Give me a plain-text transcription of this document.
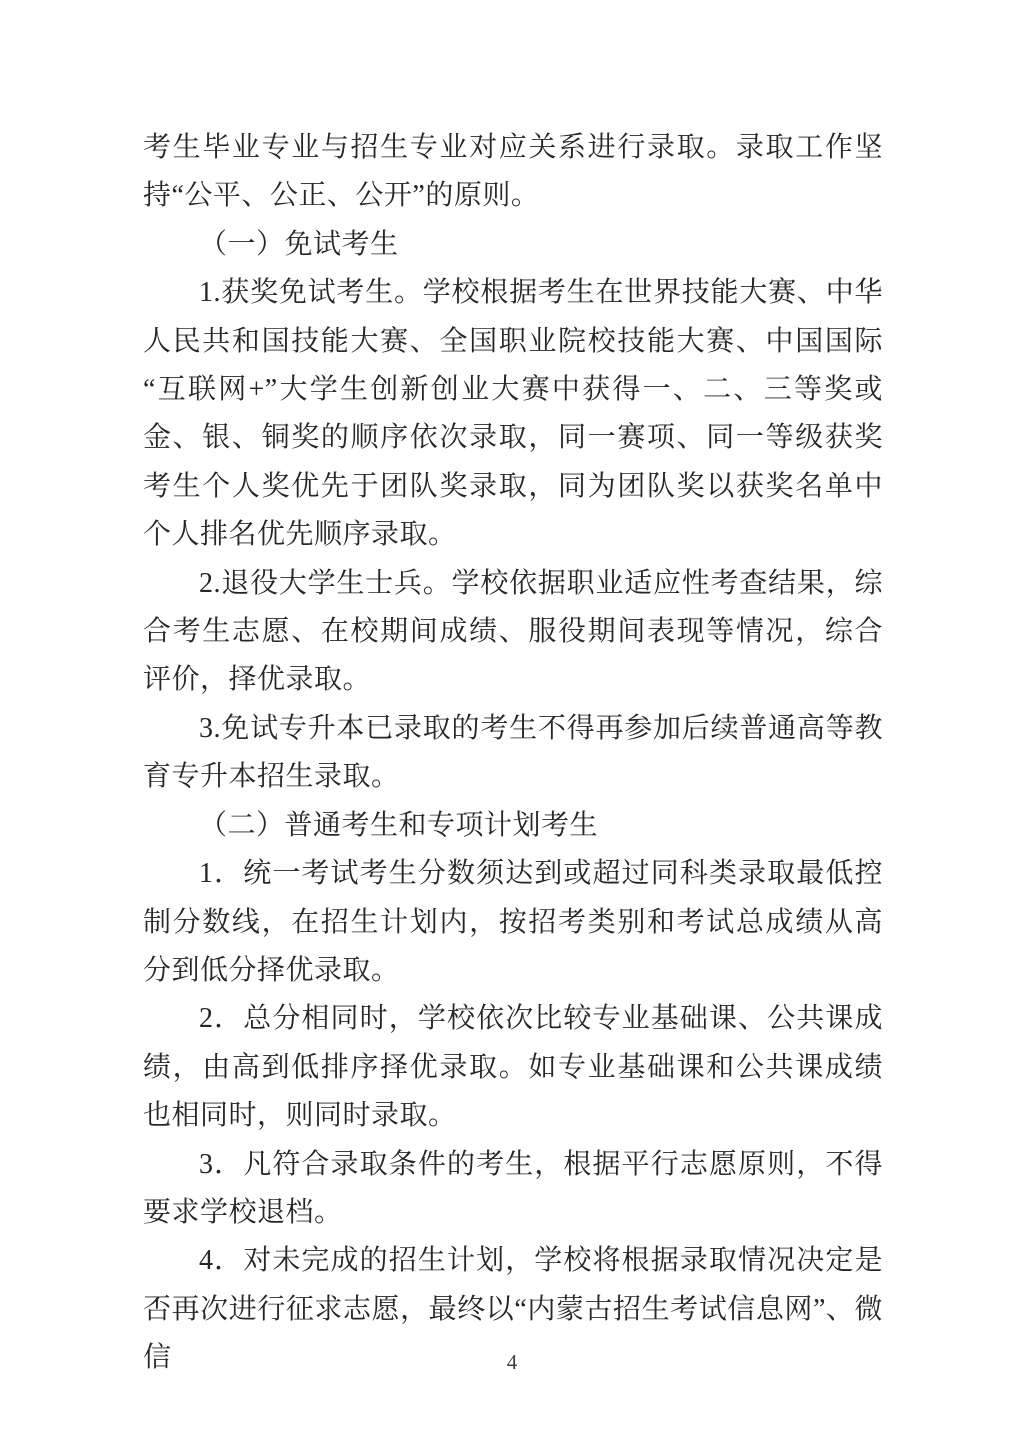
考生毕业专业与招生专业对应关系进行录取。录取工作坚持“公平、公正、公开”的原则。

（一）免试考生

1.获奖免试考生。学校根据考生在世界技能大赛、中华人民共和国技能大赛、全国职业院校技能大赛、中国国际“互联网+”大学生创新创业大赛中获得一、二、三等奖或金、银、铜奖的顺序依次录取，同一赛项、同一等级获奖考生个人奖优先于团队奖录取，同为团队奖以获奖名单中个人排名优先顺序录取。

2.退役大学生士兵。学校依据职业适应性考查结果，综合考生志愿、在校期间成绩、服役期间表现等情况，综合评价，择优录取。

3.免试专升本已录取的考生不得再参加后续普通高等教育专升本招生录取。

（二）普通考生和专项计划考生

1．统一考试考生分数须达到或超过同科类录取最低控制分数线，在招生计划内，按招考类别和考试总成绩从高分到低分择优录取。

2．总分相同时，学校依次比较专业基础课、公共课成绩，由高到低排序择优录取。如专业基础课和公共课成绩也相同时，则同时录取。

3．凡符合录取条件的考生，根据平行志愿原则，不得要求学校退档。

4．对未完成的招生计划，学校将根据录取情况决定是否再次进行征求志愿，最终以“内蒙古招生考试信息网”、微信	4
